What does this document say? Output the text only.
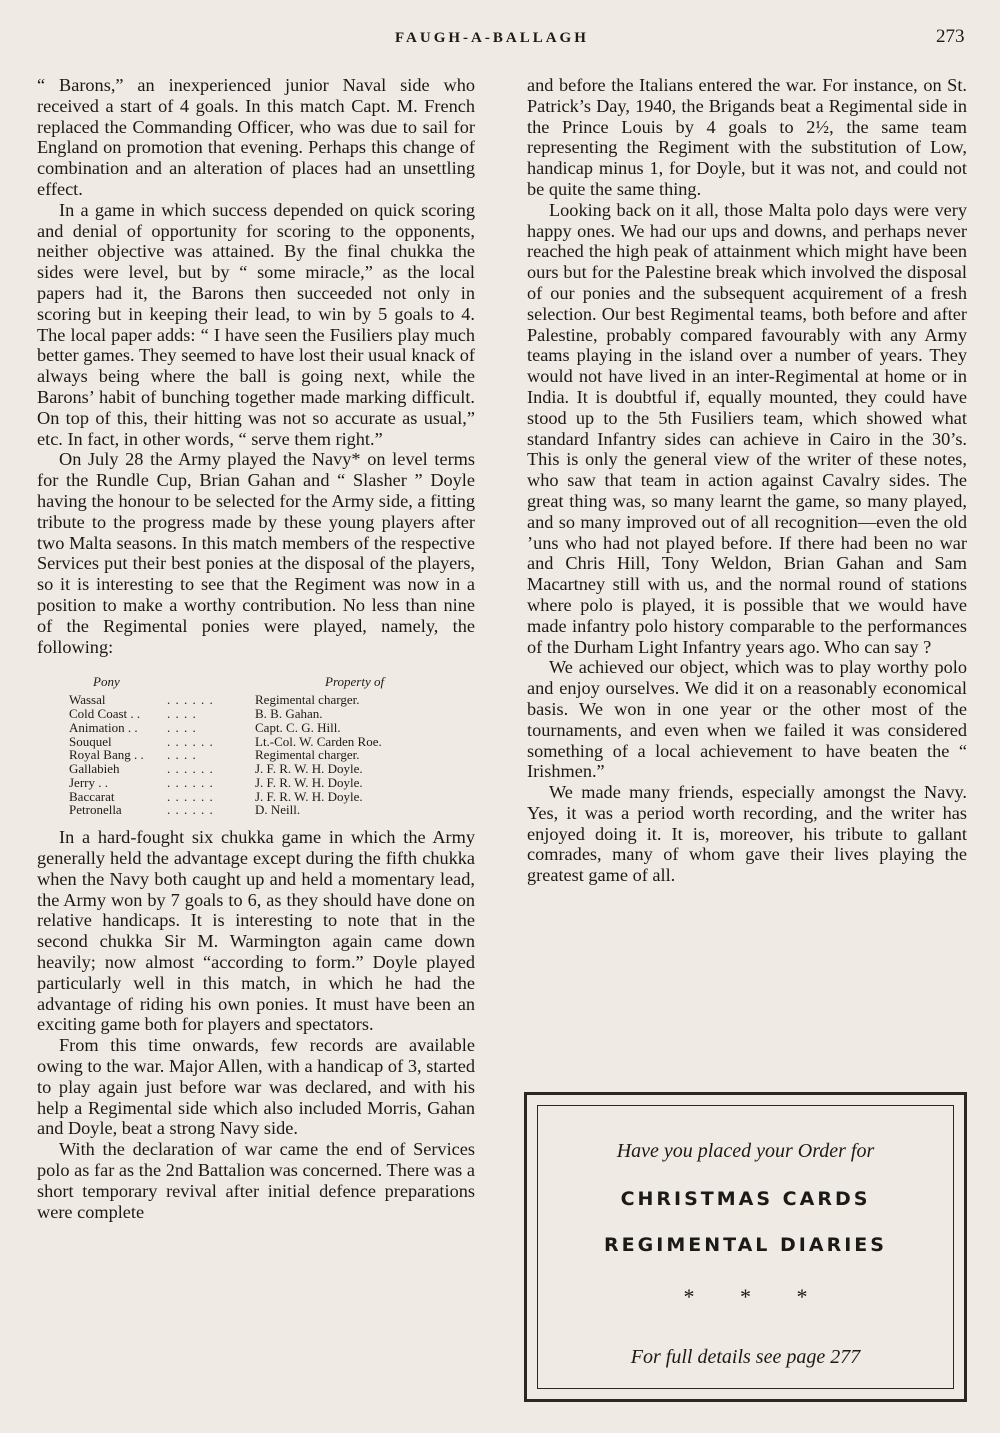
FAUGH-A-BALLAGH	273

“ Barons,” an inexperienced junior Naval side who received a start of 4 goals. In this match Capt. M. French replaced the Commanding Officer, who was due to sail for England on promotion that evening. Perhaps this change of combination and an alteration of places had an unsettling effect.

In a game in which success depended on quick scoring and denial of opportunity for scoring to the opponents, neither objective was attained. By the final chukka the sides were level, but by “ some miracle,” as the local papers had it, the Barons then succeeded not only in scoring but in keeping their lead, to win by 5 goals to 4. The local paper adds: “ I have seen the Fusiliers play much better games. They seemed to have lost their usual knack of always being where the ball is going next, while the Barons’ habit of bunching together made marking difficult. On top of this, their hitting was not so accurate as usual,” etc. In fact, in other words, “ serve them right.”

On July 28 the Army played the Navy* on level terms for the Rundle Cup, Brian Gahan and “ Slasher ” Doyle having the honour to be selected for the Army side, a fitting tribute to the progress made by these young players after two Malta seasons. In this match members of the respective Services put their best ponies at the disposal of the players, so it is interesting to see that the Regiment was now in a position to make a worthy contribution. No less than nine of the Regimental ponies were played, namely, the following:

Pony		Property of
Wassal	. . . . . .	Regimental charger.
Cold Coast . .	. . . .	B. B. Gahan.
Animation . .	. . . .	Capt. C. G. Hill.
Souquel	. . . . . .	Lt.-Col. W. Carden Roe.
Royal Bang . .	. . . .	Regimental charger.
Gallabieh	. . . . . .	J. F. R. W. H. Doyle.
Jerry . .	. . . . . .	J. F. R. W. H. Doyle.
Baccarat	. . . . . .	J. F. R. W. H. Doyle.
Petronella	. . . . . .	D. Neill.

In a hard-fought six chukka game in which the Army generally held the advantage except during the fifth chukka when the Navy both caught up and held a momentary lead, the Army won by 7 goals to 6, as they should have done on relative handicaps. It is interesting to note that in the second chukka Sir M. Warmington again came down heavily; now almost “according to form.” Doyle played particularly well in this match, in which he had the advantage of riding his own ponies. It must have been an exciting game both for players and spectators.

From this time onwards, few records are available owing to the war. Major Allen, with a handicap of 3, started to play again just before war was declared, and with his help a Regimental side which also included Morris, Gahan and Doyle, beat a strong Navy side.

With the declaration of war came the end of Services polo as far as the 2nd Battalion was concerned. There was a short temporary revival after initial defence preparations were complete

and before the Italians entered the war. For instance, on St. Patrick’s Day, 1940, the Brigands beat a Regimental side in the Prince Louis by 4 goals to 2½, the same team representing the Regiment with the substitution of Low, handicap minus 1, for Doyle, but it was not, and could not be quite the same thing.

Looking back on it all, those Malta polo days were very happy ones. We had our ups and downs, and perhaps never reached the high peak of attainment which might have been ours but for the Palestine break which involved the disposal of our ponies and the subsequent acquirement of a fresh selection. Our best Regimental teams, both before and after Palestine, probably compared favourably with any Army teams playing in the island over a number of years. They would not have lived in an inter-Regimental at home or in India. It is doubtful if, equally mounted, they could have stood up to the 5th Fusiliers team, which showed what standard Infantry sides can achieve in Cairo in the 30’s. This is only the general view of the writer of these notes, who saw that team in action against Cavalry sides. The great thing was, so many learnt the game, so many played, and so many improved out of all recognition—even the old ’uns who had not played before. If there had been no war and Chris Hill, Tony Weldon, Brian Gahan and Sam Macartney still with us, and the normal round of stations where polo is played, it is possible that we would have made infantry polo history comparable to the performances of the Durham Light Infantry years ago. Who can say ?

We achieved our object, which was to play worthy polo and enjoy ourselves. We did it on a reasonably economical basis. We won in one year or the other most of the tournaments, and even when we failed it was considered something of a local achievement to have beaten the “ Irishmen.”

We made many friends, especially amongst the Navy. Yes, it was a period worth recording, and the writer has enjoyed doing it. It is, moreover, his tribute to gallant comrades, many of whom gave their lives playing the greatest game of all.

Have you placed your Order for
CHRISTMAS CARDS
REGIMENTAL DIARIES
* * *
For full details see page 277
